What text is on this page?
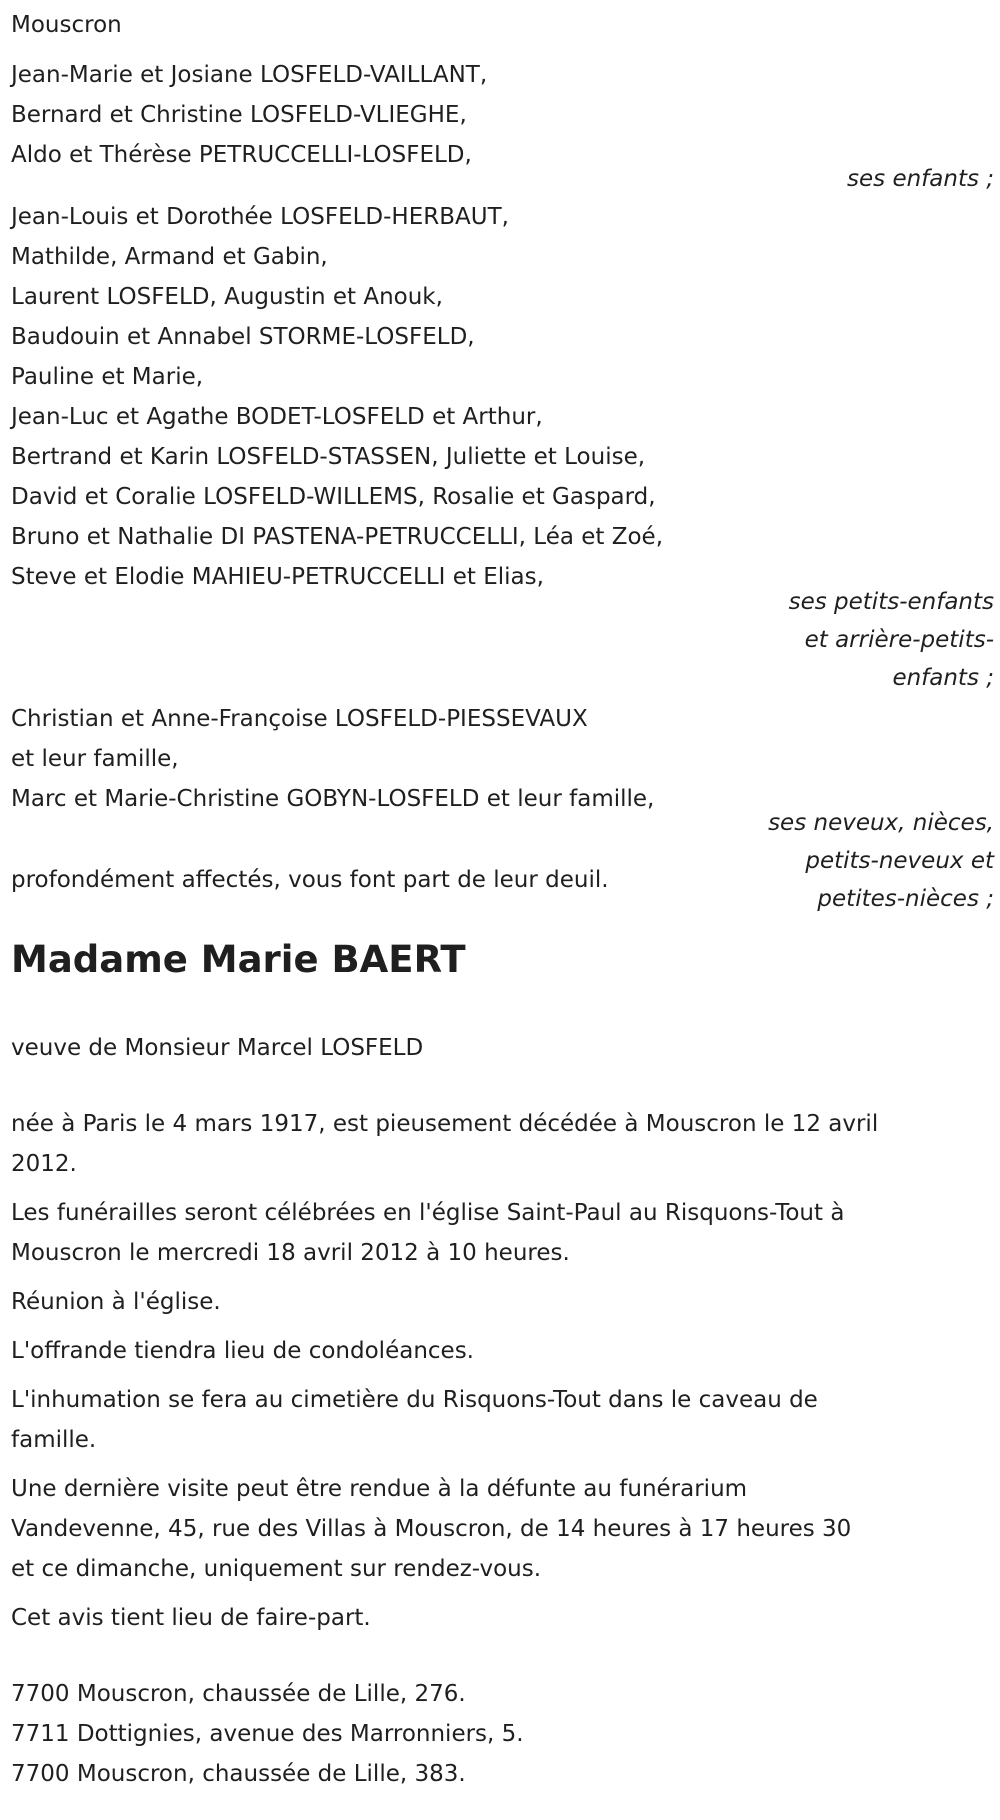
Mouscron
Jean-Marie et Josiane LOSFELD-VAILLANT,
Bernard et Christine LOSFELD-VLIEGHE,
Aldo et Thérèse PETRUCCELLI-LOSFELD,
ses enfants ;
Jean-Louis et Dorothée LOSFELD-HERBAUT,
Mathilde, Armand et Gabin,
Laurent LOSFELD, Augustin et Anouk,
Baudouin et Annabel STORME-LOSFELD,
Pauline et Marie,
Jean-Luc et Agathe BODET-LOSFELD et Arthur,
Bertrand et Karin LOSFELD-STASSEN, Juliette et Louise,
David et Coralie LOSFELD-WILLEMS, Rosalie et Gaspard,
Bruno et Nathalie DI PASTENA-PETRUCCELLI, Léa et Zoé,
Steve et Elodie MAHIEU-PETRUCCELLI et Elias,
ses petits-enfants
et arrière-petits-
enfants ;
Christian et Anne-Françoise LOSFELD-PIESSEVAUX
et leur famille,
Marc et Marie-Christine GOBYN-LOSFELD et leur famille,
profondément affectés, vous font part de leur deuil.
ses neveux, nièces,
petits-neveux et
petites-nièces ;
Madame Marie BAERT
veuve de Monsieur Marcel LOSFELD
née à Paris le 4 mars 1917, est pieusement décédée à Mouscron le 12 avril
2012.
Les funérailles seront célébrées en l'église Saint-Paul au Risquons-Tout à
Mouscron le mercredi 18 avril 2012 à 10 heures.
Réunion à l'église.
L'offrande tiendra lieu de condoléances.
L'inhumation se fera au cimetière du Risquons-Tout dans le caveau de
famille.
Une dernière visite peut être rendue à la défunte au funérarium
Vandevenne, 45, rue des Villas à Mouscron, de 14 heures à 17 heures 30
et ce dimanche, uniquement sur rendez-vous.
Cet avis tient lieu de faire-part.
7700 Mouscron, chaussée de Lille, 276.
7711 Dottignies, avenue des Marronniers, 5.
7700 Mouscron, chaussée de Lille, 383.
